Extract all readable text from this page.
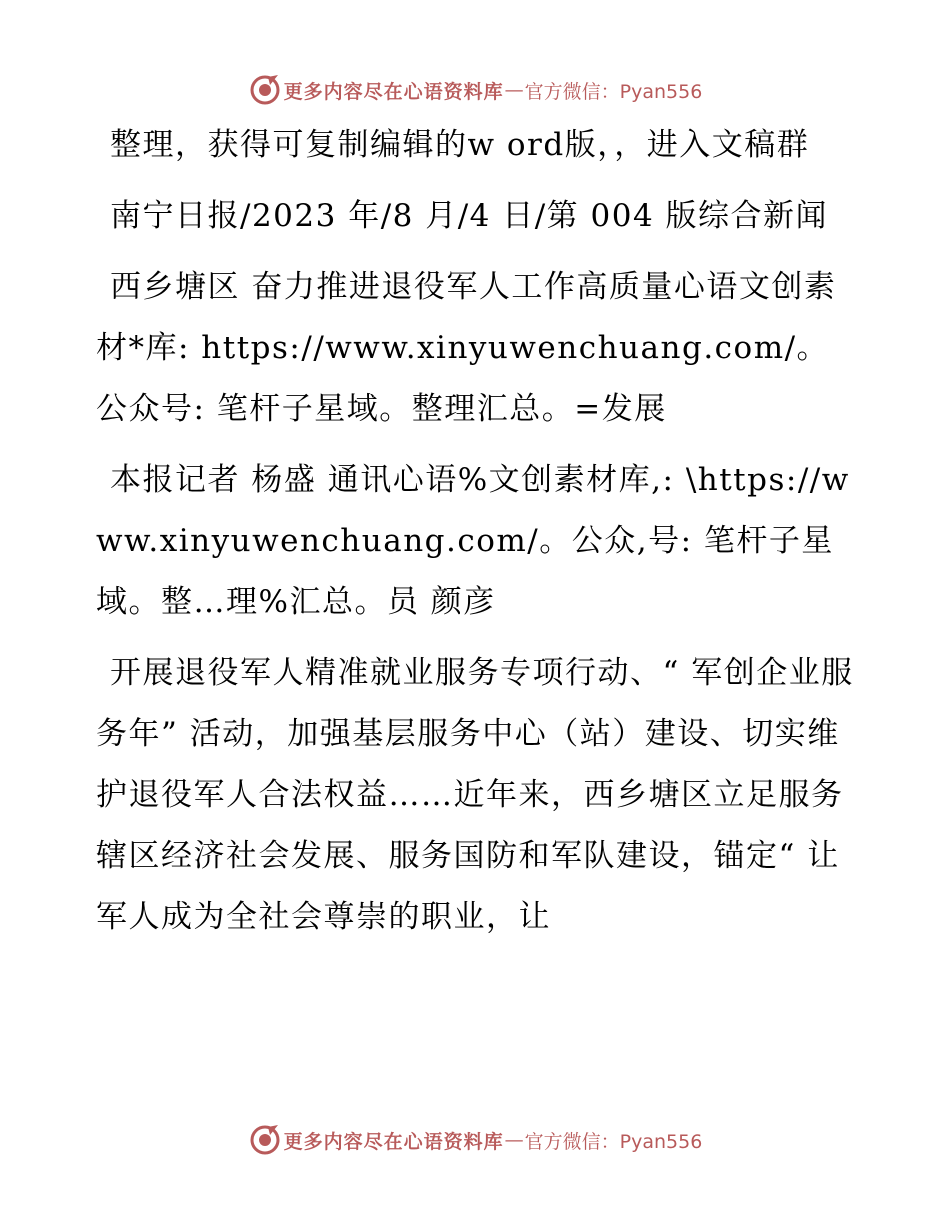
更多内容尽在心语资料库 — 官方微信：Pyan556

整理，获得可复制编辑的w ord版，，进入文稿群

南宁日报/2023 年/8 月/4 日/第 004 版综合新闻

西乡塘区 奋力推进退役军人工作高质量心语文创素材*库: https://www.xinyuwenchuang.com/。公众号: 笔杆子星域。整理汇总。=发展

本报记者 杨盛 通讯心语%文创素材库,: \https://www.xinyuwenchuang.com/。公众,号: 笔杆子星域。整…理%汇总。员 颜彦

开展退役军人精准就业服务专项行动、“ 军创企业服务年” 活动，加强基层服务中心（站）建设、切实维护退役军人合法权益……近年来，西乡塘区立足服务辖区经济社会发展、服务国防和军队建设，锚定“ 让军人成为全社会尊崇的职业，让

更多内容尽在心语资料库 — 官方微信：Pyan556
